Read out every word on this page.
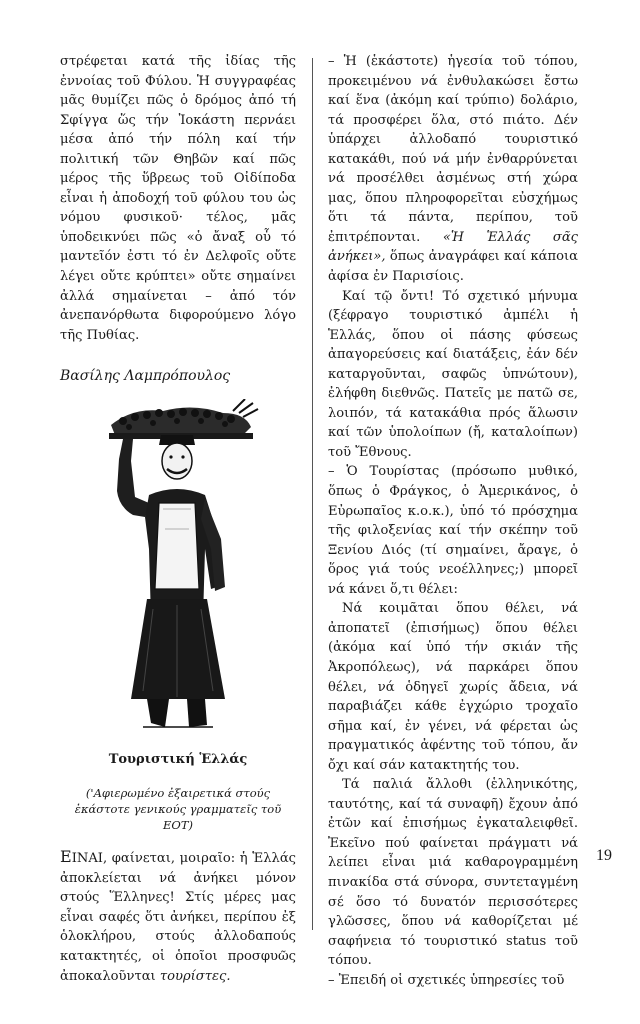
στρέφεται κατά τῆς ἰδίας τῆς ἐννοίας τοῦ Φύλου. Ἡ συγγραφέας μᾶς θυμίζει πῶς ὁ δρόμος ἀπό τή Σφίγγα ὥς τήν Ἰοκάστη περνάει μέσα ἀπό τήν πόλη καί τήν πολιτική τῶν Θηβῶν καί πῶς μέρος τῆς ὕβρεως τοῦ Οἰδίποδα εἶναι ἡ ἀποδοχή τοῦ φύλου του ὡς νόμου φυσικοῦ· τέλος, μᾶς ὑποδεικνύει πῶς «ὁ ἄναξ οὗ τό μαντεῖόν ἐστι τό ἐν Δελφοῖς οὔτε λέγει οὔτε κρύπτει» οὔτε σημαίνει ἀλλά σημαίνεται – ἀπό τόν ἀνεπανόρθωτα διφορούμενο λόγο τῆς Πυθίας.

Βασίλης Λαμπρόπουλος

Τουριστική Ἑλλάς

('Αφιερωμένο ἐξαιρετικά στούς ἑκάστοτε γενικούς γραμματεῖς τοῦ ΕΟΤ)

ΕΙΝΑΙ, φαίνεται, μοιραῖο: ἡ Ἑλλάς ἀποκλείεται νά ἀνήκει μόνον στούς Ἕλληνες! Στίς μέρες μας εἶναι σαφές ὅτι ἀνήκει, περίπου ἐξ ὁλοκλήρου, στούς ἀλλοδαπούς κατακτητές, οἱ ὁποῖοι προσφυῶς ἀποκαλοῦνται τουρίστες.

– Ἡ (ἑκάστοτε) ἡγεσία τοῦ τόπου, προκειμένου νά ἐνθυλακώσει ἔστω καί ἕνα (ἀκόμη καί τρύπιο) δολάριο, τά προσφέρει ὅλα, στό πιάτο. Δέν ὑπάρχει ἀλλοδαπό τουριστικό κατακάθι, πού νά μήν ἐνθαρρύνεται νά προσέλθει ἀσμένως στή χώρα μας, ὅπου πληροφορεῖται εὐσχήμως ὅτι τά πάντα, περίπου, τοῦ ἐπιτρέπονται. «Ἡ Ἑλλάς σᾶς ἀνήκει», ὅπως ἀναγράφει καί κάποια ἀφίσα ἐν Παρισίοις.

Καί τῷ ὄντι! Τό σχετικό μήνυμα (ξέφραγο τουριστικό ἀμπέλι ἡ Ἑλλάς, ὅπου οἱ πάσης φύσεως ἀπαγορεύσεις καί διατάξεις, ἐάν δέν καταργοῦνται, σαφῶς ὑπνώτουν), ἐλήφθη διεθνῶς. Πατεῖς με πατῶ σε, λοιπόν, τά κατακάθια πρός ἅλωσιν καί τῶν ὑπολοίπων (ἤ, καταλοίπων) τοῦ Ἔθνους.

– Ὁ Τουρίστας (πρόσωπο μυθικό, ὅπως ὁ Φράγκος, ὁ Ἀμερικάνος, ὁ Εὐρωπαῖος κ.ο.κ.), ὑπό τό πρόσχημα τῆς φιλοξενίας καί τήν σκέπην τοῦ Ξενίου Διός (τί σημαίνει, ἄραγε, ὁ ὅρος γιά τούς νεοέλληνες;) μπορεῖ νά κάνει ὅ,τι θέλει:

Νά κοιμᾶται ὅπου θέλει, νά ἀποπατεῖ (ἐπισήμως) ὅπου θέλει (ἀκόμα καί ὑπό τήν σκιάν τῆς Ἀκροπόλεως), νά παρκάρει ὅπου θέλει, νά ὁδηγεῖ χωρίς ἄδεια, νά παραβιάζει κάθε ἐγχώριο τροχαῖο σῆμα καί, ἐν γένει, νά φέρεται ὡς πραγματικός ἀφέντης τοῦ τόπου, ἄν ὄχι καί σάν κατακτητής του.

Τά παλιά ἄλλοθι (ἑλληνικότης, ταυτότης, καί τά συναφῆ) ἔχουν ἀπό ἐτῶν καί ἐπισήμως ἐγκαταλειφθεῖ. Ἐκεῖνο πού φαίνεται πράγματι νά λείπει εἶναι μιά καθαρογραμμένη πινακίδα στά σύνορα, συντεταγμένη σέ ὅσο τό δυνατόν περισσότερες γλῶσσες, ὅπου νά καθορίζεται μέ σαφήνεια τό τουριστικό status τοῦ τόπου.

– Ἐπειδή οἱ σχετικές ὑπηρεσίες τοῦ

19
